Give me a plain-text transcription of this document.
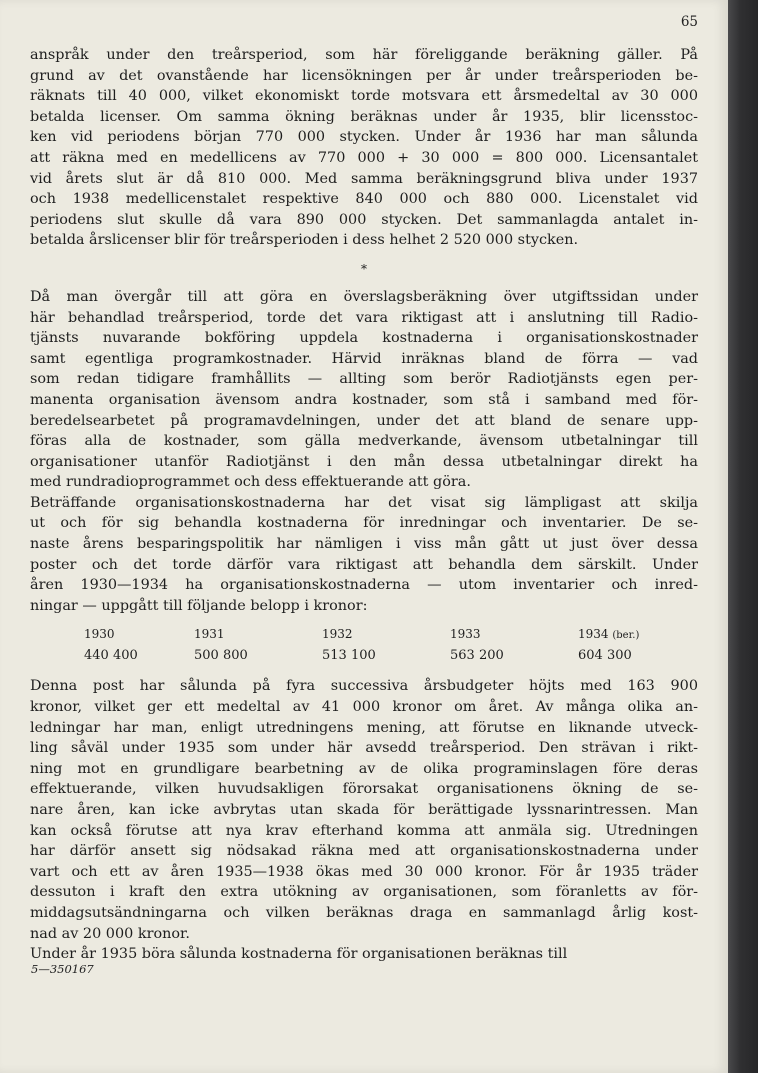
65
anspråk under den treårsperiod, som här föreliggande beräkning gäller. På
grund av det ovanstående har licensökningen per år under treårsperioden be-
räknats till 40 000, vilket ekonomiskt torde motsvara ett årsmedeltal av 30 000
betalda licenser. Om samma ökning beräknas under år 1935, blir licensstoc-
ken vid periodens början 770 000 stycken. Under år 1936 har man sålunda
att räkna med en medellicens av 770 000 + 30 000 = 800 000. Licensantalet
vid årets slut är då 810 000. Med samma beräkningsgrund bliva under 1937
och 1938 medellicenstalet respektive 840 000 och 880 000. Licenstalet vid
periodens slut skulle då vara 890 000 stycken. Det sammanlagda antalet in-
betalda årslicenser blir för treårsperioden i dess helhet 2 520 000 stycken.
*
Då man övergår till att göra en överslagsberäkning över utgiftssidan under
här behandlad treårsperiod, torde det vara riktigast att i anslutning till Radio-
tjänsts nuvarande bokföring uppdela kostnaderna i organisationskostnader
samt egentliga programkostnader. Härvid inräknas bland de förra — vad
som redan tidigare framhållits — allting som berör Radiotjänsts egen per-
manenta organisation ävensom andra kostnader, som stå i samband med för-
beredelsearbetet på programavdelningen, under det att bland de senare upp-
föras alla de kostnader, som gälla medverkande, ävensom utbetalningar till
organisationer utanför Radiotjänst i den mån dessa utbetalningar direkt ha
med rundradioprogrammet och dess effektuerande att göra.
Beträffande organisationskostnaderna har det visat sig lämpligast att skilja
ut och för sig behandla kostnaderna för inredningar och inventarier. De se-
naste årens besparingspolitik har nämligen i viss mån gått ut just över dessa
poster och det torde därför vara riktigast att behandla dem särskilt. Under
åren 1930—1934 ha organisationskostnaderna — utom inventarier och inred-
ningar — uppgått till följande belopp i kronor:
1930	1931	1932	1933	1934 (ber.)
440 400	500 800	513 100	563 200	604 300
Denna post har sålunda på fyra successiva årsbudgeter höjts med 163 900
kronor, vilket ger ett medeltal av 41 000 kronor om året. Av många olika an-
ledningar har man, enligt utredningens mening, att förutse en liknande utveck-
ling såväl under 1935 som under här avsedd treårsperiod. Den strävan i rikt-
ning mot en grundligare bearbetning av de olika programinslagen före deras
effektuerande, vilken huvudsakligen förorsakat organisationens ökning de se-
nare åren, kan icke avbrytas utan skada för berättigade lyssnarintressen. Man
kan också förutse att nya krav efterhand komma att anmäla sig. Utredningen
har därför ansett sig nödsakad räkna med att organisationskostnaderna under
vart och ett av åren 1935—1938 ökas med 30 000 kronor. För år 1935 träder
dessuton i kraft den extra utökning av organisationen, som föranletts av för-
middagsutsändningarna och vilken beräknas draga en sammanlagd årlig kost-
nad av 20 000 kronor.
Under år 1935 böra sålunda kostnaderna för organisationen beräknas till
5—350167
